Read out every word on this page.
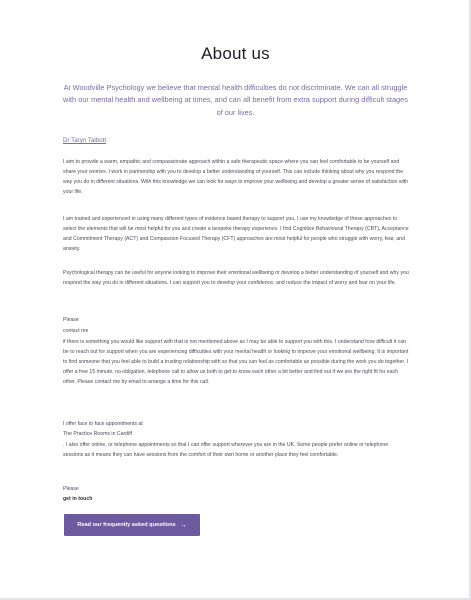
About us

At Woodville Psychology we believe that mental health difficulties do not discriminate. We can all struggle with our mental health and wellbeing at times, and can all benefit from extra support during difficult stages of our lives.

Dr Taryn Talbott

I aim to provide a warm, empathic and compassionate approach within a safe therapeutic space where you can feel comfortable to be yourself and share your worries. I work in partnership with you to develop a better understanding of yourself. This can include thinking about why you respond the way you do in different situations. With this knowledge we can look for ways to improve your wellbeing and develop a greater sense of satisfaction with your life.

I am trained and experienced in using many different types of evidence based therapy to support you. I use my knowledge of these approaches to select the elements that will be most helpful for you and create a bespoke therapy experience. I find Cognitive Behavioural Therapy (CBT), Acceptance and Commitment Therapy (ACT) and Compassion Focused Therapy (CFT) approaches are most helpful for people who struggle with worry, fear, and anxiety.

Psychological therapy can be useful for anyone looking to improve their emotional wellbeing or develop a better understanding of yourself and why you respond the way you do in different situations. I can support you to develop your confidence, and reduce the impact of worry and fear on your life.

Please

contact me

if there is something you would like support with that is not mentioned above as I may be able to support you with this. I understand how difficult it can be to reach out for support when you are experiencing difficulties with your mental health or looking to improve your emotional wellbeing. It is important to find someone that you feel able to build a trusting relationship with so that you can feel as comfortable as possible during the work you do together. I offer a free 15 minute, no obligation, telephone call to allow us both to get to know each other a bit better and find out if we are the right fit for each other. Please contact me by email to arrange a time for this call.

I offer face to face appointments at

The Practice Rooms in Cardiff

. I also offer online, or telephone appointments so that I can offer support wherever you are in the UK. Some people prefer online or telephone sessions as it means they can have sessions from the comfort of their own home or another place they feel comfortable.

Please

get in touch

Read our frequently asked questions →
